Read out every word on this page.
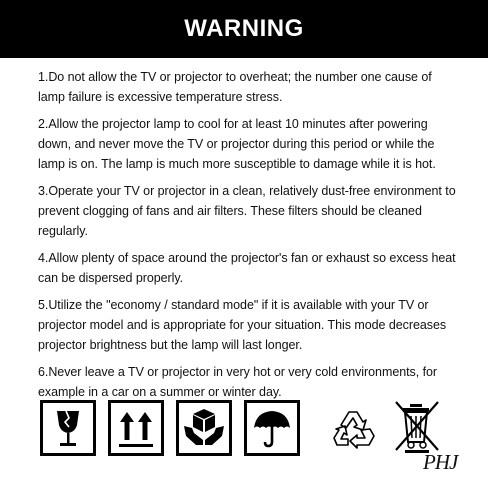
WARNING

1.Do not allow the TV or projector to overheat; the number one cause of lamp failure is excessive temperature stress.

2.Allow the projector lamp to cool for at least 10 minutes after powering down, and never move the TV or projector during this period or while the lamp is on. The lamp is much more susceptible to damage while it is hot.

3.Operate your TV or projector in a clean, relatively dust-free environment to prevent clogging of fans and air filters. These filters should be cleaned regularly.

4.Allow plenty of space around the projector's fan or exhaust so excess heat can be dispersed properly.

5.Utilize the "economy / standard mode" if it is available with your TV or projector model and is appropriate for your situation. This mode decreases projector brightness but the lamp will last longer.

6.Never leave a TV or projector in very hot or very cold environments, for example in a car on a summer or winter day.

PHJ
